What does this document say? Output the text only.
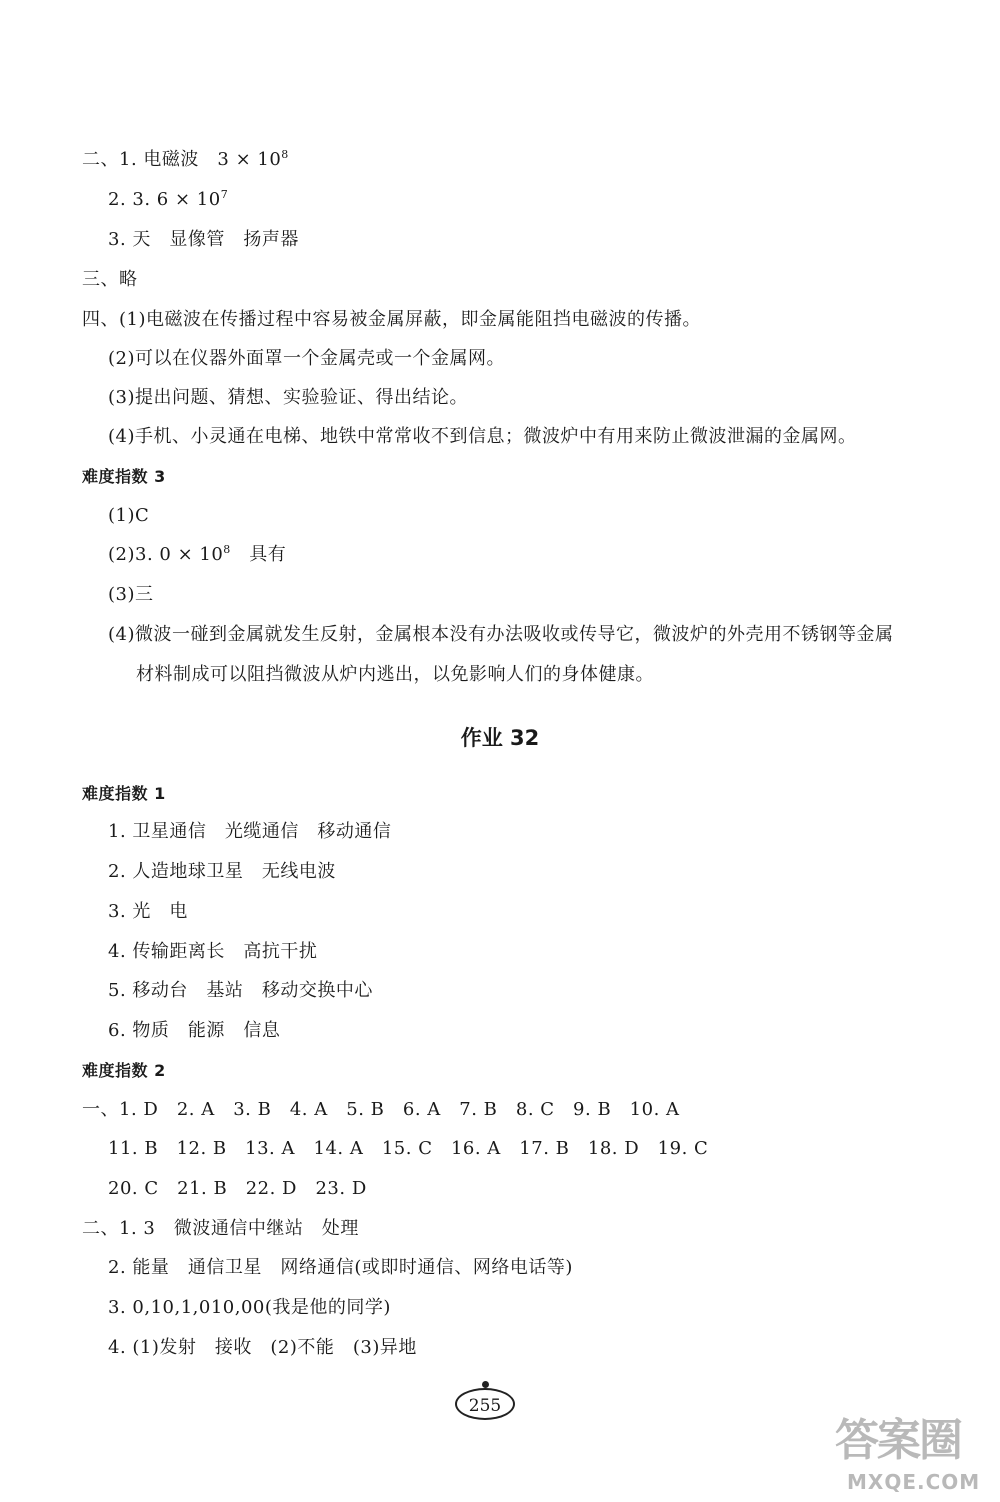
二、1. 电磁波　$3 \times 10^8$
2. 3. $6 \times 10^7$
3. 天　显像管　扬声器
三、略
四、(1)电磁波在传播过程中容易被金属屏蔽，即金属能阻挡电磁波的传播。
(2)可以在仪器外面罩一个金属壳或一个金属网。
(3)提出问题、猜想、实验验证、得出结论。
(4)手机、小灵通在电梯、地铁中常常收不到信息；微波炉中有用来防止微波泄漏的金属网。
难度指数 3
(1)C
(2)3. $0 \times 10^8$　具有
(3)三
(4)微波一碰到金属就发生反射，金属根本没有办法吸收或传导它，微波炉的外壳用不锈钢等金属
材料制成可以阻挡微波从炉内逃出，以免影响人们的身体健康。
作业 32
难度指数 1
1. 卫星通信　光缆通信　移动通信
2. 人造地球卫星　无线电波
3. 光　电
4. 传输距离长　高抗干扰
5. 移动台　基站　移动交换中心
6. 物质　能源　信息
难度指数 2
一、1. D　2. A　3. B　4. A　5. B　6. A　7. B　8. C　9. B　10. A
11. B　12. B　13. A　14. A　15. C　16. A　17. B　18. D　19. C
20. C　21. B　22. D　23. D
二、1. 3　微波通信中继站　处理
2. 能量　通信卫星　网络通信(或即时通信、网络电话等)
3. 0,10,1,010,00(我是他的同学)
4. (1)发射　接收　(2)不能　(3)异地
255
答案圈
MXQE.COM
